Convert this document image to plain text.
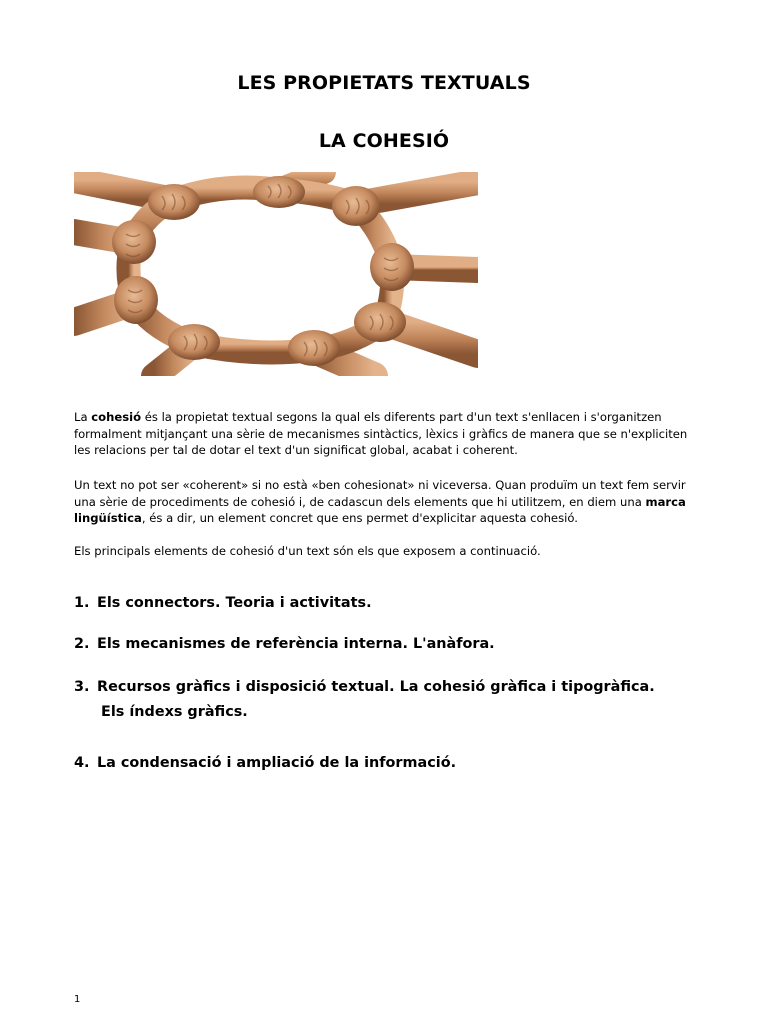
LES PROPIETATS TEXTUALS
LA COHESIÓ

La cohesió és la propietat textual segons la qual els diferents part d'un text s'enllacen i s'organitzen formalment mitjançant una sèrie de mecanismes sintàctics, lèxics i gràfics de manera que se n'expliciten les relacions per tal de dotar el text d'un significat global, acabat i coherent.

Un text no pot ser «coherent» si no està «ben cohesionat» ni viceversa. Quan produïm un text fem servir una sèrie de procediments de cohesió i, de cadascun dels elements que hi utilitzem, en diem una marca lingüística, és a dir, un element concret que ens permet d'explicitar aquesta cohesió.

Els principals elements de cohesió d'un text són els que exposem a continuació.

1. Els connectors. Teoria i activitats.
2. Els mecanismes de referència interna. L'anàfora.
3. Recursos gràfics i disposició textual. La cohesió gràfica i tipogràfica.
Els índexs gràfics.
4. La condensació i ampliació de la informació.
1
